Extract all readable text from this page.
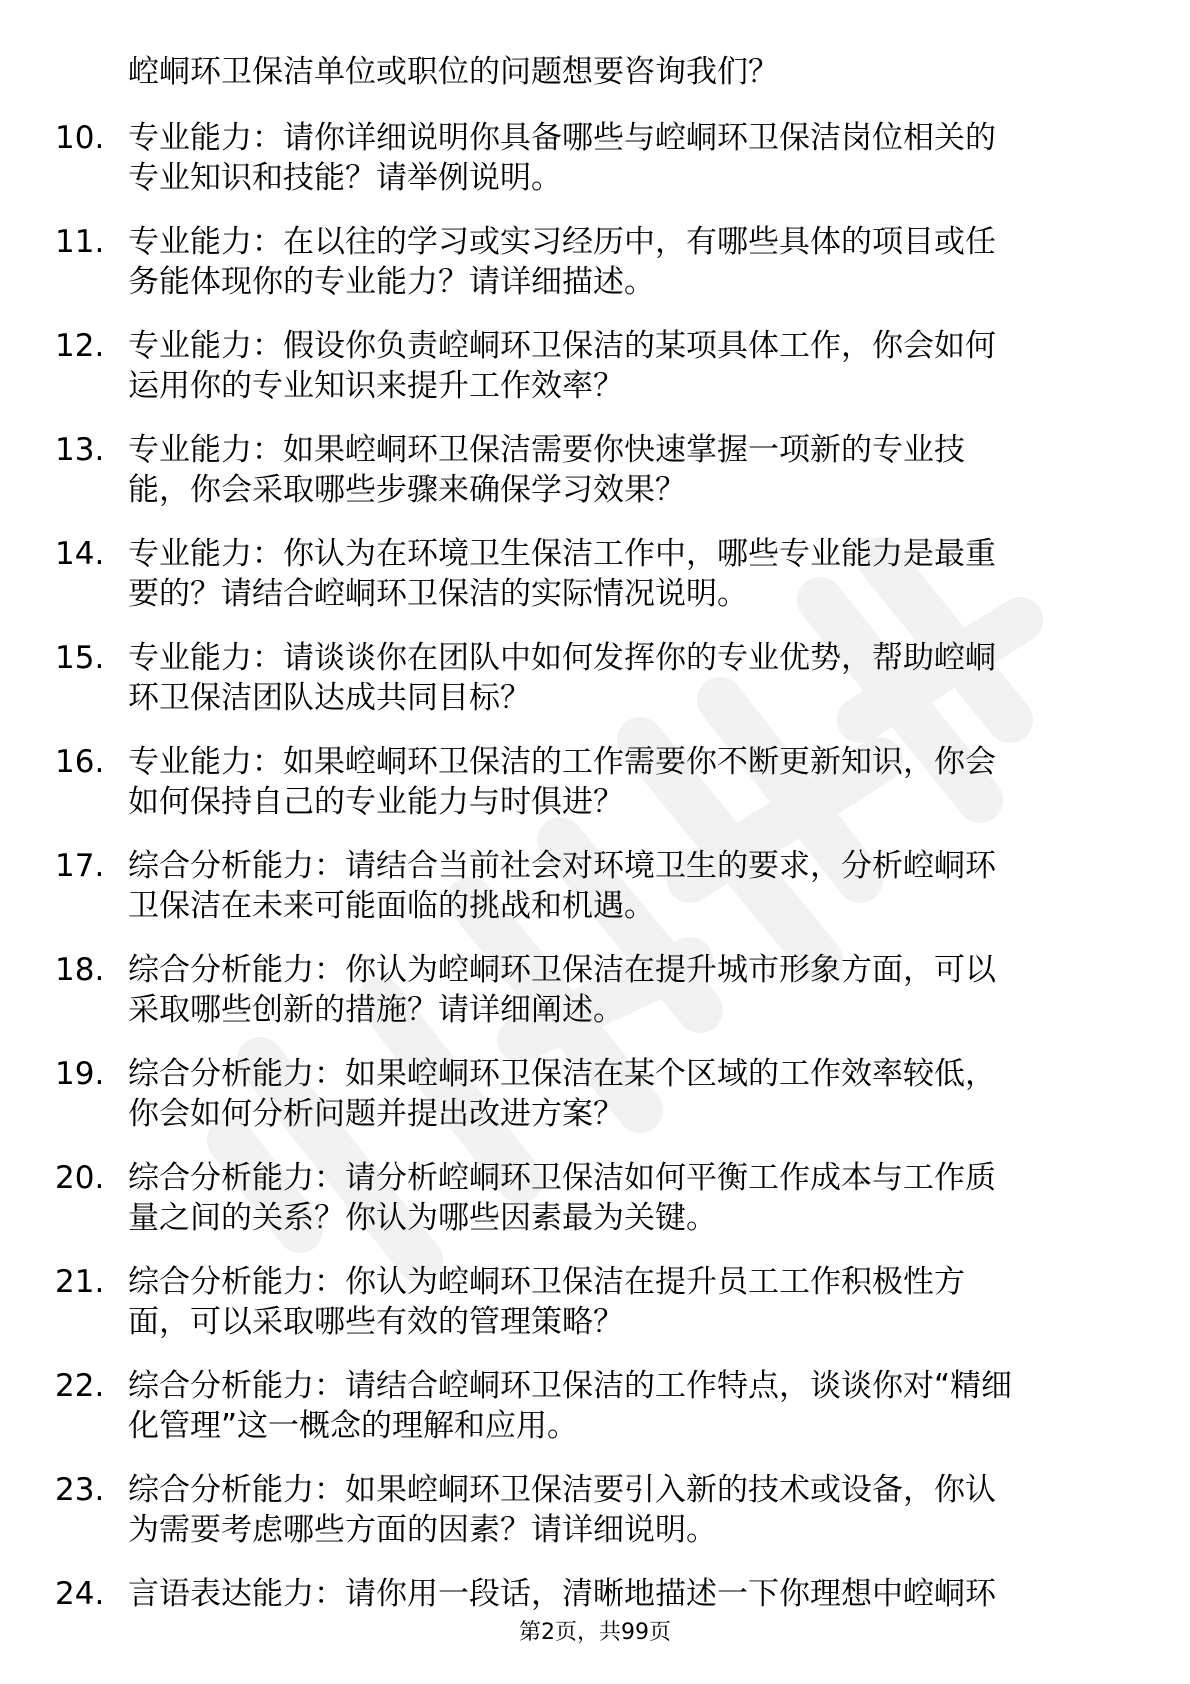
崆峒环卫保洁单位或职位的问题想要咨询我们？
10. 专业能力：请你详细说明你具备哪些与崆峒环卫保洁岗位相关的
专业知识和技能？请举例说明。
11. 专业能力：在以往的学习或实习经历中，有哪些具体的项目或任
务能体现你的专业能力？请详细描述。
12. 专业能力：假设你负责崆峒环卫保洁的某项具体工作，你会如何
运用你的专业知识来提升工作效率？
13. 专业能力：如果崆峒环卫保洁需要你快速掌握一项新的专业技
能，你会采取哪些步骤来确保学习效果？
14. 专业能力：你认为在环境卫生保洁工作中，哪些专业能力是最重
要的？请结合崆峒环卫保洁的实际情况说明。
15. 专业能力：请谈谈你在团队中如何发挥你的专业优势，帮助崆峒
环卫保洁团队达成共同目标？
16. 专业能力：如果崆峒环卫保洁的工作需要你不断更新知识，你会
如何保持自己的专业能力与时俱进？
17. 综合分析能力：请结合当前社会对环境卫生的要求，分析崆峒环
卫保洁在未来可能面临的挑战和机遇。
18. 综合分析能力：你认为崆峒环卫保洁在提升城市形象方面，可以
采取哪些创新的措施？请详细阐述。
19. 综合分析能力：如果崆峒环卫保洁在某个区域的工作效率较低，
你会如何分析问题并提出改进方案？
20. 综合分析能力：请分析崆峒环卫保洁如何平衡工作成本与工作质
量之间的关系？你认为哪些因素最为关键。
21. 综合分析能力：你认为崆峒环卫保洁在提升员工工作积极性方
面，可以采取哪些有效的管理策略？
22. 综合分析能力：请结合崆峒环卫保洁的工作特点，谈谈你对“精细
化管理”这一概念的理解和应用。
23. 综合分析能力：如果崆峒环卫保洁要引入新的技术或设备，你认
为需要考虑哪些方面的因素？请详细说明。
24. 言语表达能力：请你用一段话，清晰地描述一下你理想中崆峒环
第2页，共99页
